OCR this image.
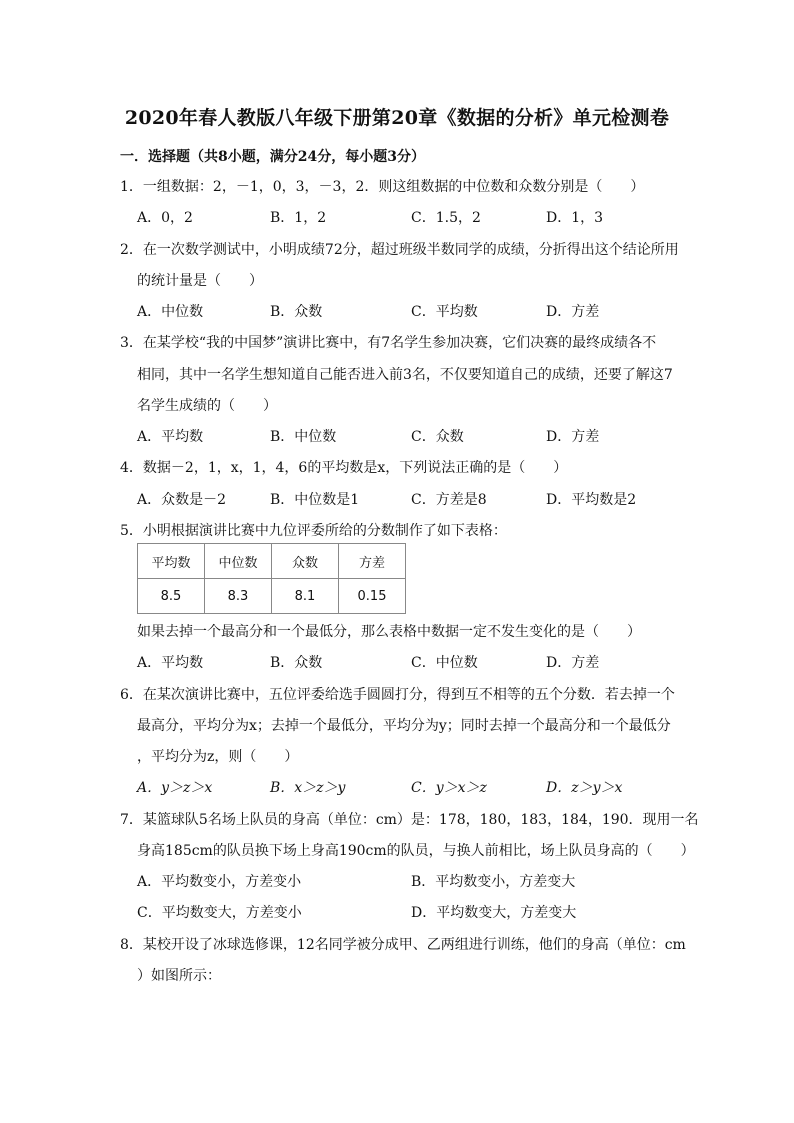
2020年春人教版八年级下册第20章《数据的分析》单元检测卷
一．选择题（共8小题，满分24分，每小题3分）
1．一组数据：2，－1，0，3，－3，2．则这组数据的中位数和众数分别是（　　）
A．0，2	B．1，2	C．1.5，2	D．1，3
2．在一次数学测试中，小明成绩72分，超过班级半数同学的成绩，分折得出这个结论所用
的统计量是（　　）
A．中位数	B．众数	C．平均数	D．方差
3．在某学校“我的中国梦”演讲比赛中，有7名学生参加决赛，它们决赛的最终成绩各不
相同，其中一名学生想知道自己能否进入前3名，不仅要知道自己的成绩，还要了解这7
名学生成绩的（　　）
A．平均数	B．中位数	C．众数	D．方差
4．数据－2，1，x，1，4，6的平均数是x，下列说法正确的是（　　）
A．众数是－2	B．中位数是1	C．方差是8	D．平均数是2
5．小明根据演讲比赛中九位评委所给的分数制作了如下表格：
平均数	中位数	众数	方差
8.5	8.3	8.1	0.15
如果去掉一个最高分和一个最低分，那么表格中数据一定不发生变化的是（　　）
A．平均数	B．众数	C．中位数	D．方差
6．在某次演讲比赛中，五位评委给选手圆圆打分，得到互不相等的五个分数．若去掉一个
最高分，平均分为x；去掉一个最低分，平均分为y；同时去掉一个最高分和一个最低分
，平均分为z，则（　　）
A．y＞z＞x	B．x＞z＞y	C．y＞x＞z	D．z＞y＞x
7．某篮球队5名场上队员的身高（单位：cm）是：178，180，183，184，190．现用一名
身高185cm的队员换下场上身高190cm的队员，与换人前相比，场上队员身高的（　　）
A．平均数变小，方差变小	B．平均数变小，方差变大
C．平均数变大，方差变小	D．平均数变大，方差变大
8．某校开设了冰球选修课，12名同学被分成甲、乙两组进行训练，他们的身高（单位：cm
）如图所示：
